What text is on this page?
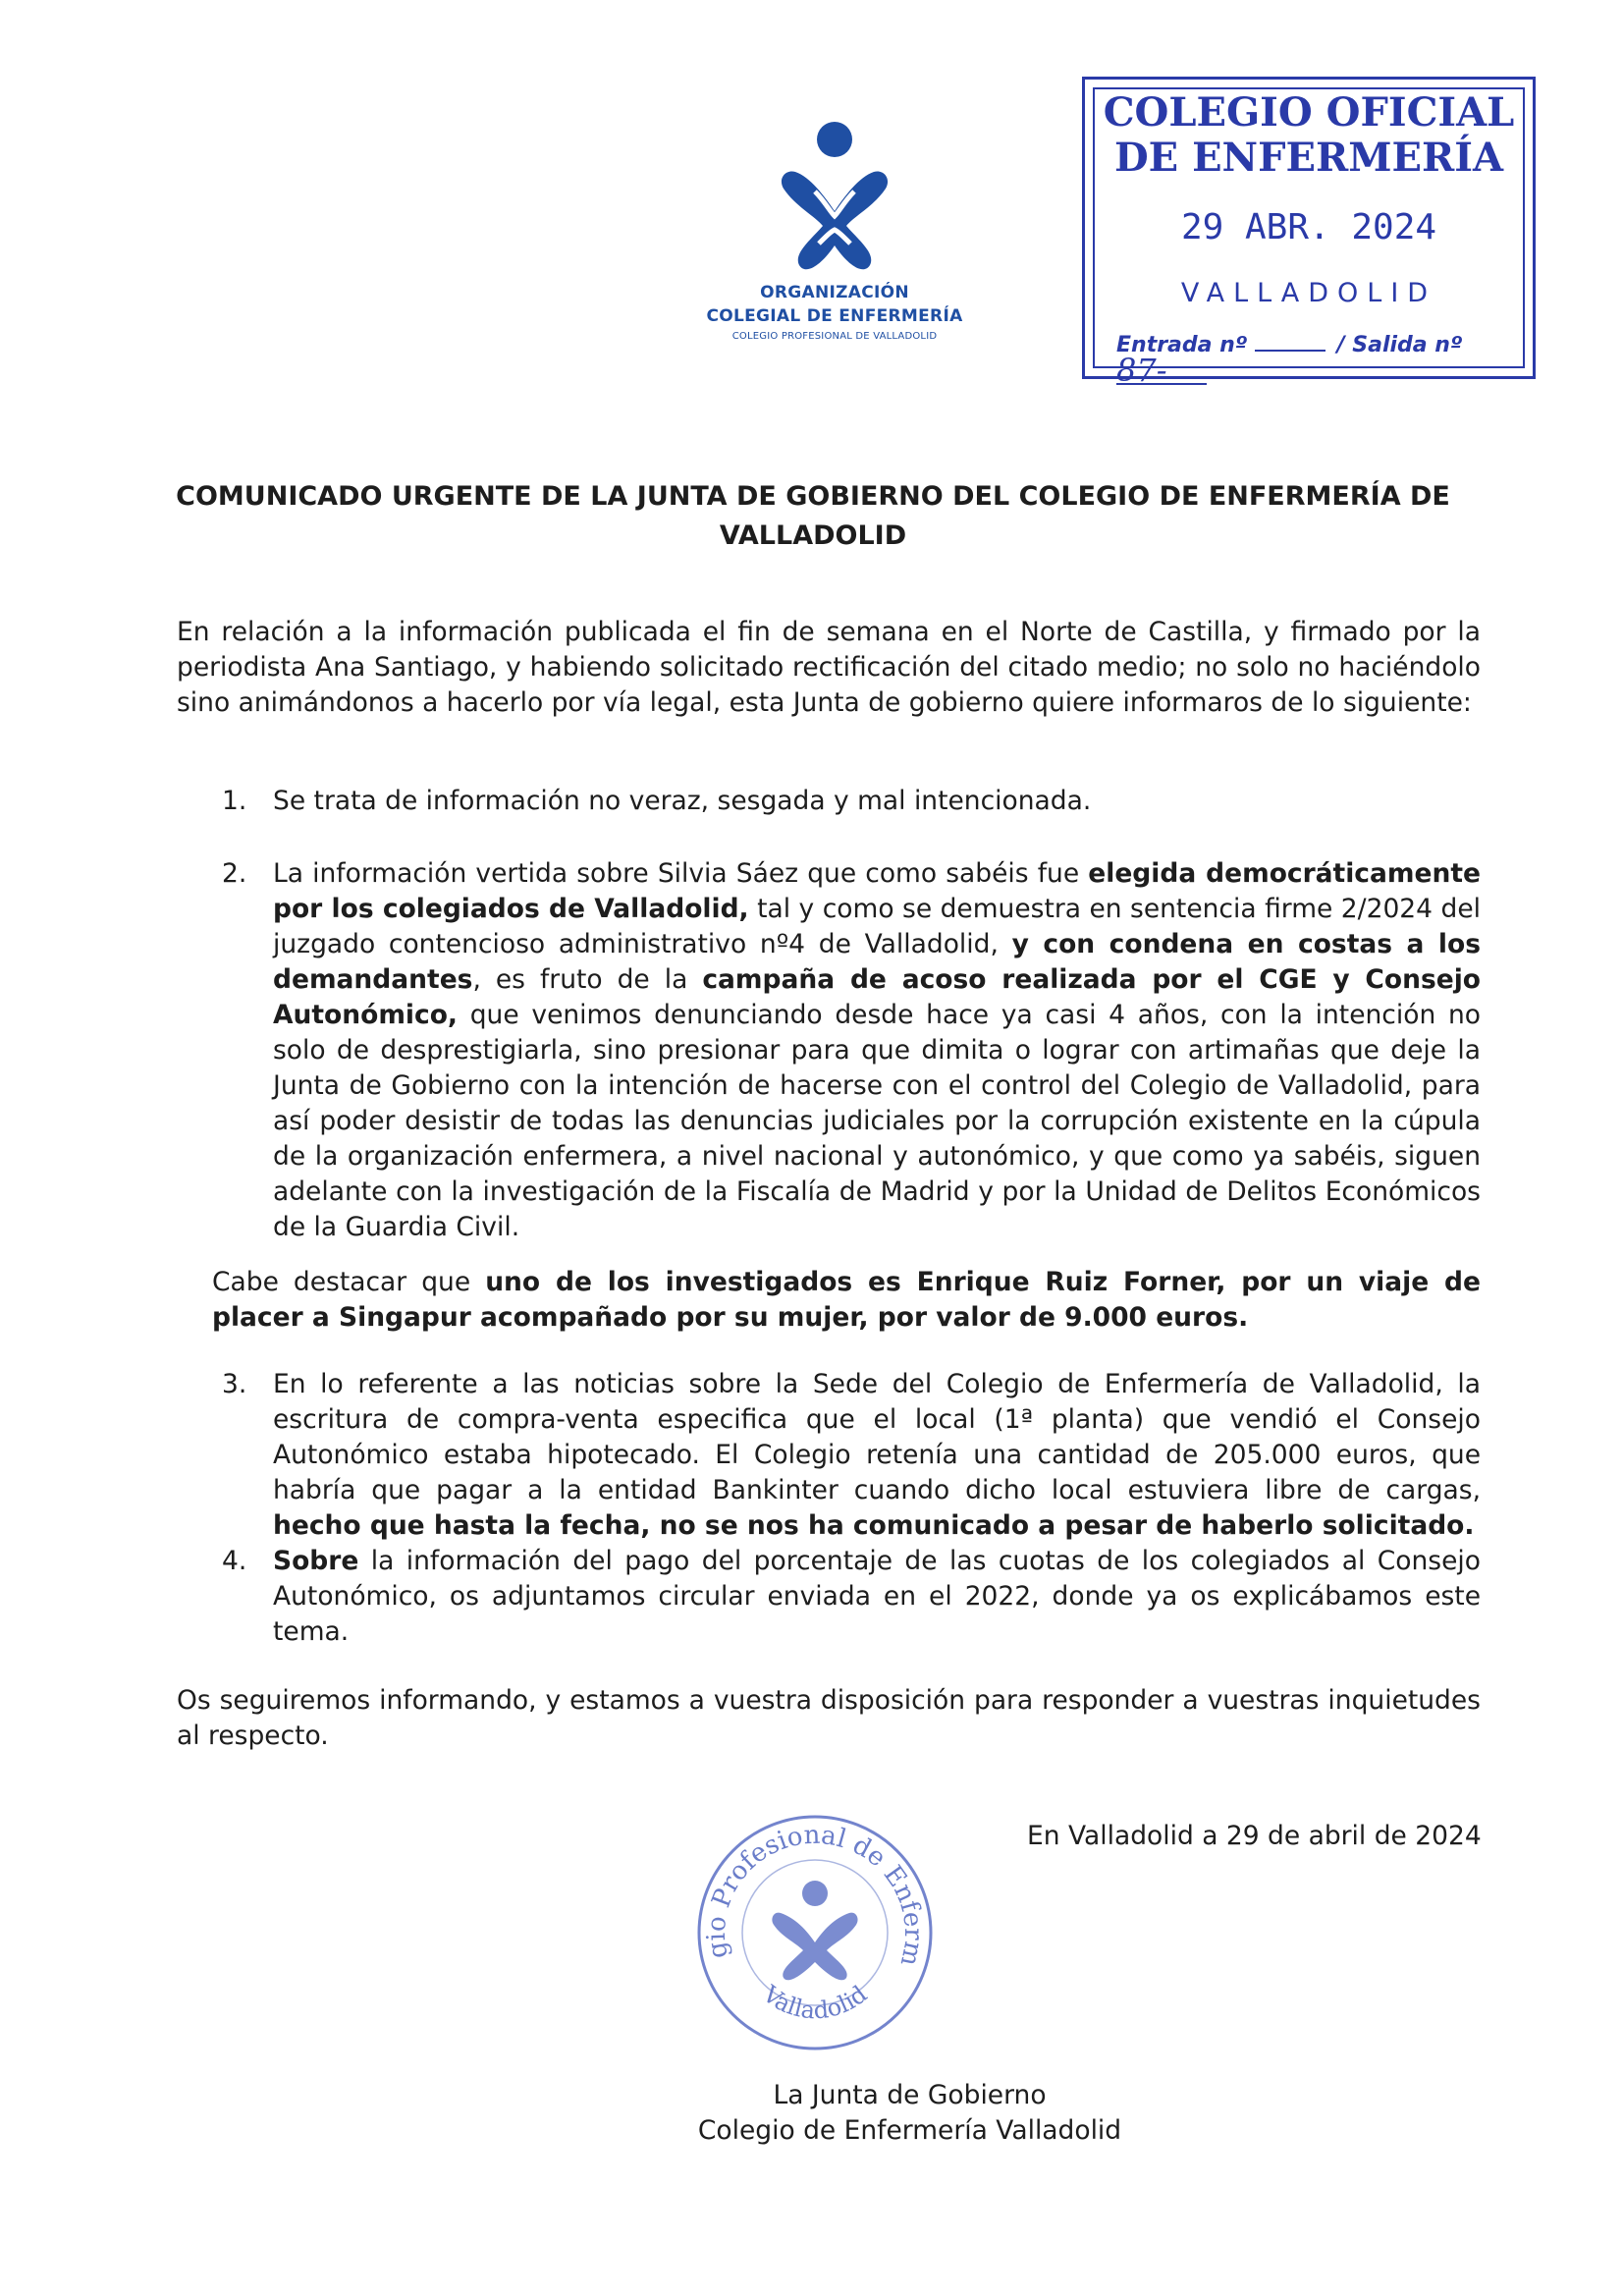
ORGANIZACIÓN
COLEGIAL DE ENFERMERÍA
COLEGIO PROFESIONAL DE VALLADOLID
COLEGIO OFICIAL
DE ENFERMERÍA
29 ABR. 2024
VALLADOLID
Entrada nº	/ Salida nº 87-
COMUNICADO URGENTE DE LA JUNTA DE GOBIERNO DEL COLEGIO DE ENFERMERÍA DE VALLADOLID
En relación a la información publicada el fin de semana en el Norte de Castilla, y firmado por la periodista Ana Santiago, y habiendo solicitado rectificación del citado medio; no solo no haciéndolo sino animándonos a hacerlo por vía legal, esta Junta de gobierno quiere informaros de lo siguiente:
1. Se trata de información no veraz, sesgada y mal intencionada.
2. La información vertida sobre Silvia Sáez que como sabéis fue elegida democráticamente por los colegiados de Valladolid, tal y como se demuestra en sentencia firme 2/2024 del juzgado contencioso administrativo nº4 de Valladolid, y con condena en costas a los demandantes, es fruto de la campaña de acoso realizada por el CGE y Consejo Autonómico, que venimos denunciando desde hace ya casi 4 años, con la intención no solo de desprestigiarla, sino presionar para que dimita o lograr con artimañas que deje la Junta de Gobierno con la intención de hacerse con el control del Colegio de Valladolid, para así poder desistir de todas las denuncias judiciales por la corrupción existente en la cúpula de la organización enfermera, a nivel nacional y autonómico, y que como ya sabéis, siguen adelante con la investigación de la Fiscalía de Madrid y por la Unidad de Delitos Económicos de la Guardia Civil.
Cabe destacar que uno de los investigados es Enrique Ruiz Forner, por un viaje de placer a Singapur acompañado por su mujer, por valor de 9.000 euros.
3. En lo referente a las noticias sobre la Sede del Colegio de Enfermería de Valladolid, la escritura de compra-venta especifica que el local (1ª planta) que vendió el Consejo Autonómico estaba hipotecado. El Colegio retenía una cantidad de 205.000 euros, que habría que pagar a la entidad Bankinter cuando dicho local estuviera libre de cargas, hecho que hasta la fecha, no se nos ha comunicado a pesar de haberlo solicitado.
4. Sobre la información del pago del porcentaje de las cuotas de los colegiados al Consejo Autonómico, os adjuntamos circular enviada en el 2022, donde ya os explicábamos este tema.
Os seguiremos informando, y estamos a vuestra disposición para responder a vuestras inquietudes al respecto.
En Valladolid a 29 de abril de 2024
gio Profesional de Enferm
Valladolid
La Junta de Gobierno
Colegio de Enfermería Valladolid
